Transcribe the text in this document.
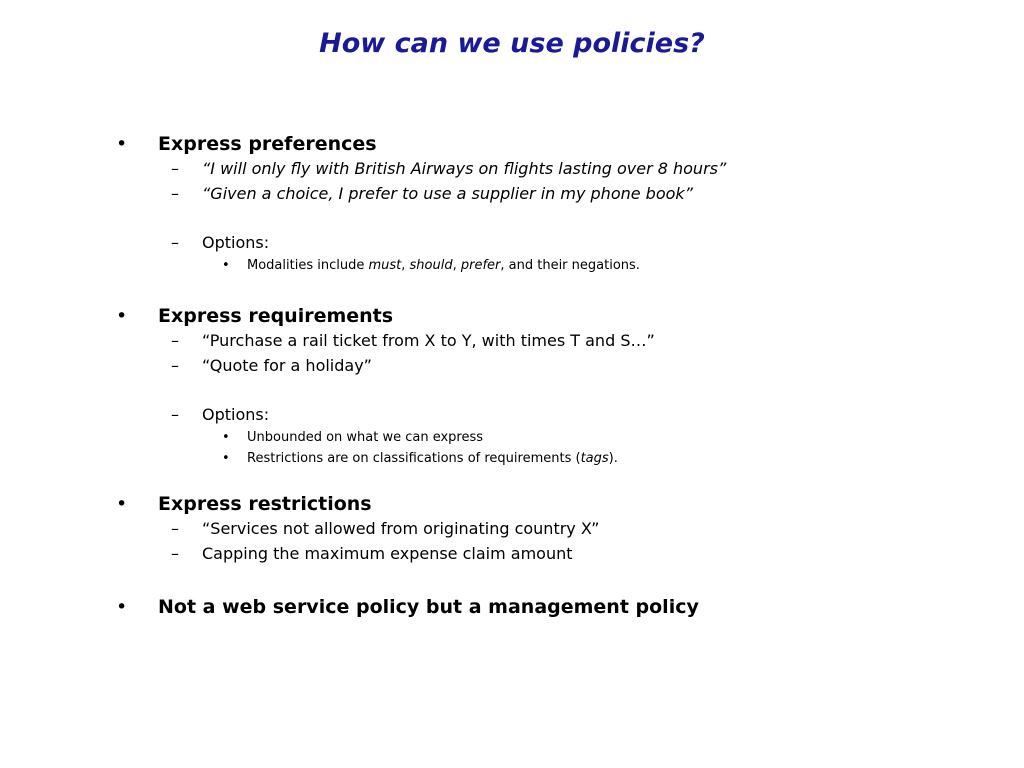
How can we use policies?
• Express preferences
– “I will only fly with British Airways on flights lasting over 8 hours”
– “Given a choice, I prefer to use a supplier in my phone book”
– Options:
• Modalities include must, should, prefer, and their negations.
• Express requirements
– “Purchase a rail ticket from X to Y, with times T and S…”
– “Quote for a holiday”
– Options:
• Unbounded on what we can express
• Restrictions are on classifications of requirements (tags).
• Express restrictions
– “Services not allowed from originating country X”
– Capping the maximum expense claim amount
• Not a web service policy but a management policy
